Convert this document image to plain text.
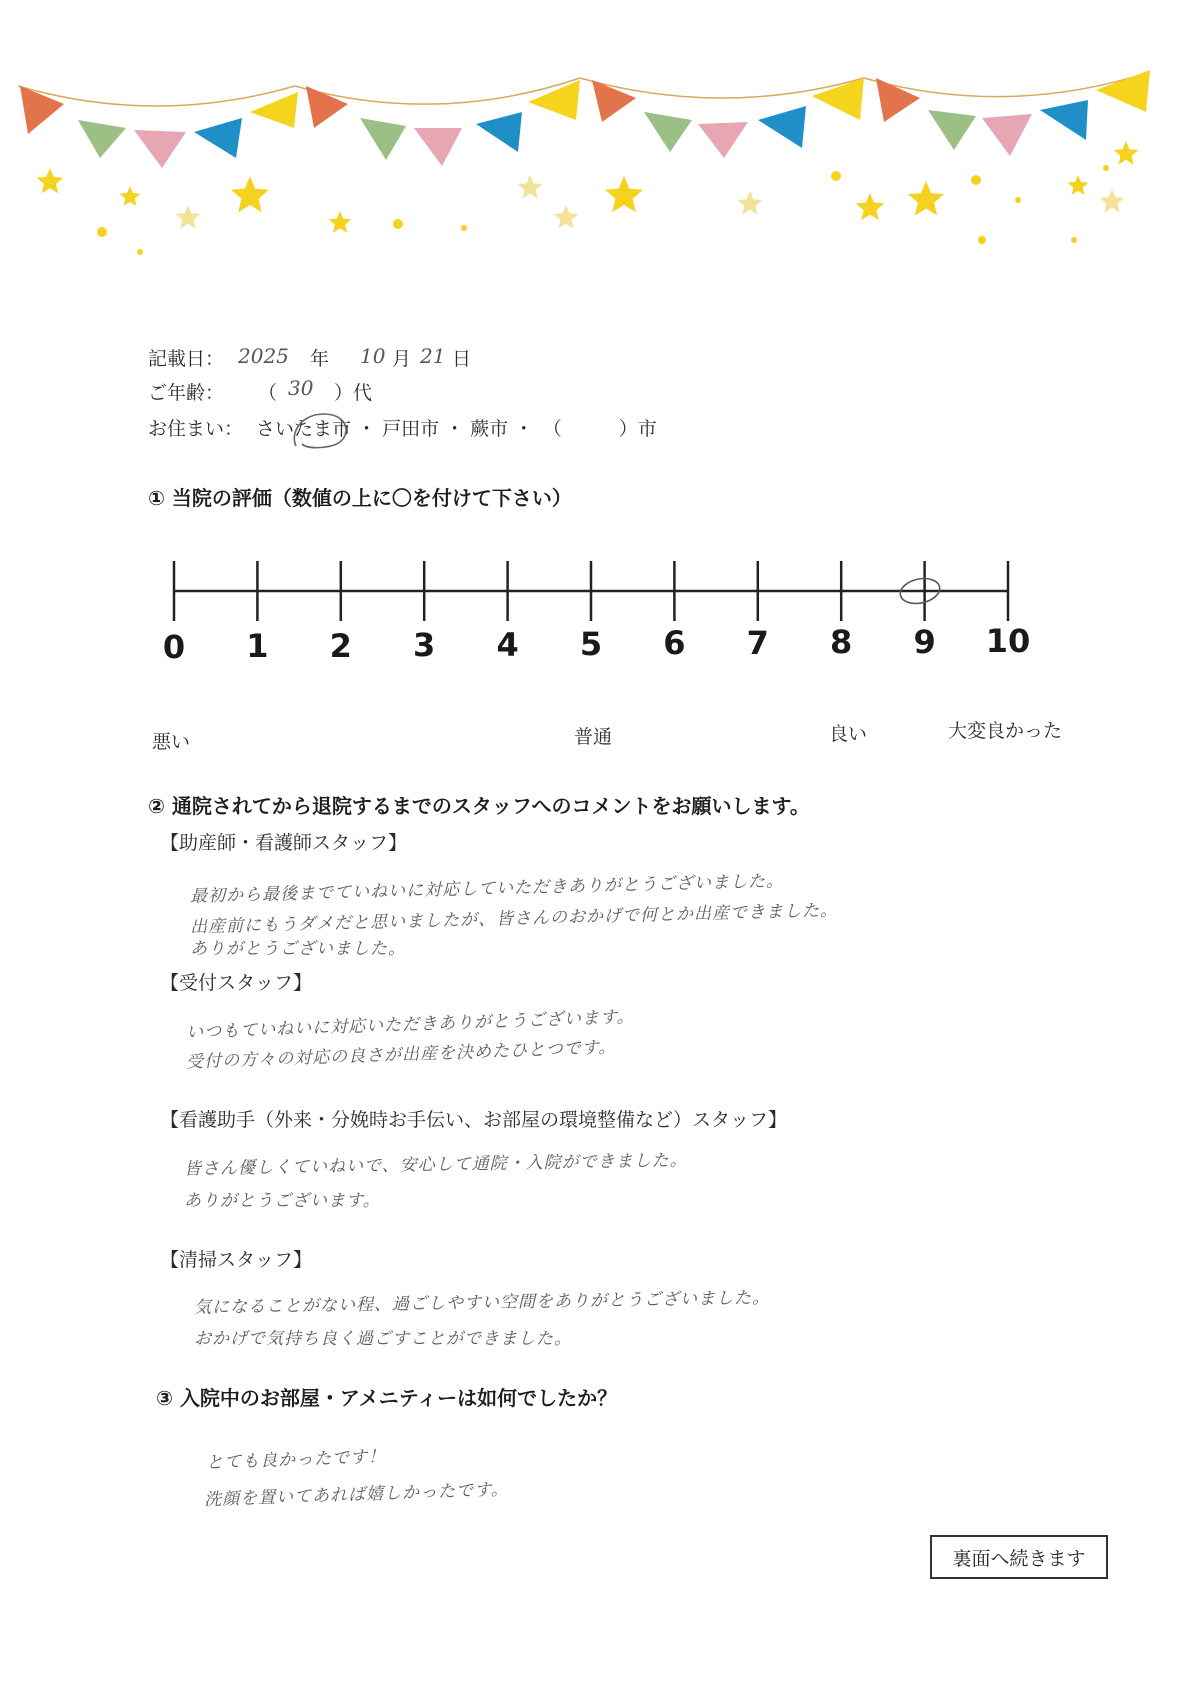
記載日： 2025 年 10 月 21 日
ご年齢： （ 30 ）代
お住まい： さいたま市 ・ 戸田市 ・ 蕨市 ・　（　　　）市
① 当院の評価（数値の上に〇を付けて下さい）
0	1	2	3	4	5	6	7	8	9	10
悪い	普通	良い	大変良かった
② 通院されてから退院するまでのスタッフへのコメントをお願いします。
【助産師・看護師スタッフ】
最初から最後までていねいに対応していただきありがとうございました。
出産前にもうダメだと思いましたが、皆さんのおかげで何とか出産できました。
ありがとうございました。
【受付スタッフ】
いつもていねいに対応いただきありがとうございます。
受付の方々の対応の良さが出産を決めたひとつです。
【看護助手（外来・分娩時お手伝い、お部屋の環境整備など）スタッフ】
皆さん優しくていねいで、安心して通院・入院ができました。
ありがとうございます。
【清掃スタッフ】
気になることがない程、過ごしやすい空間をありがとうございました。
おかげで気持ち良く過ごすことができました。
③ 入院中のお部屋・アメニティーは如何でしたか？
とても良かったです！
洗顔を置いてあれば嬉しかったです。
裏面へ続きます
